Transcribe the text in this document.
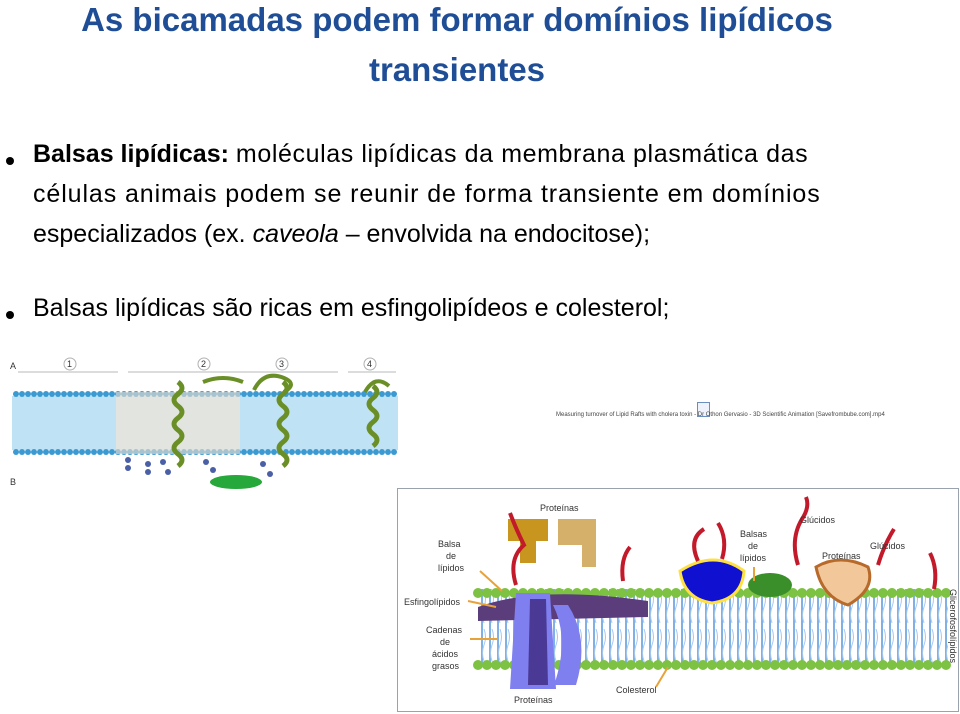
As bicamadas podem formar domínios lipídicos
transientes
Balsas lipídicas: moléculas lipídicas da membrana plasmática das
células animais podem se reunir de forma transiente em domínios
especializados (ex. caveola – envolvida na endocitose);
Balsas lipídicas são ricas em esfingolipídeos e colesterol;
Measuring turnover of Lipid Rafts with cholera toxin - Dr Othon Gervasio - 3D Scientific Animation [Savefrombube.com].mp4
A
B
1	2	3	4
Proteínas
Balsa
de
lípidos
Balsas
de
lípidos
Glúcidos
Glúcidos
Proteínas
Esfingolípidos
Cadenas
de
ácidos
grasos
Proteínas
Colesterol
Glicerofosfolípidos
